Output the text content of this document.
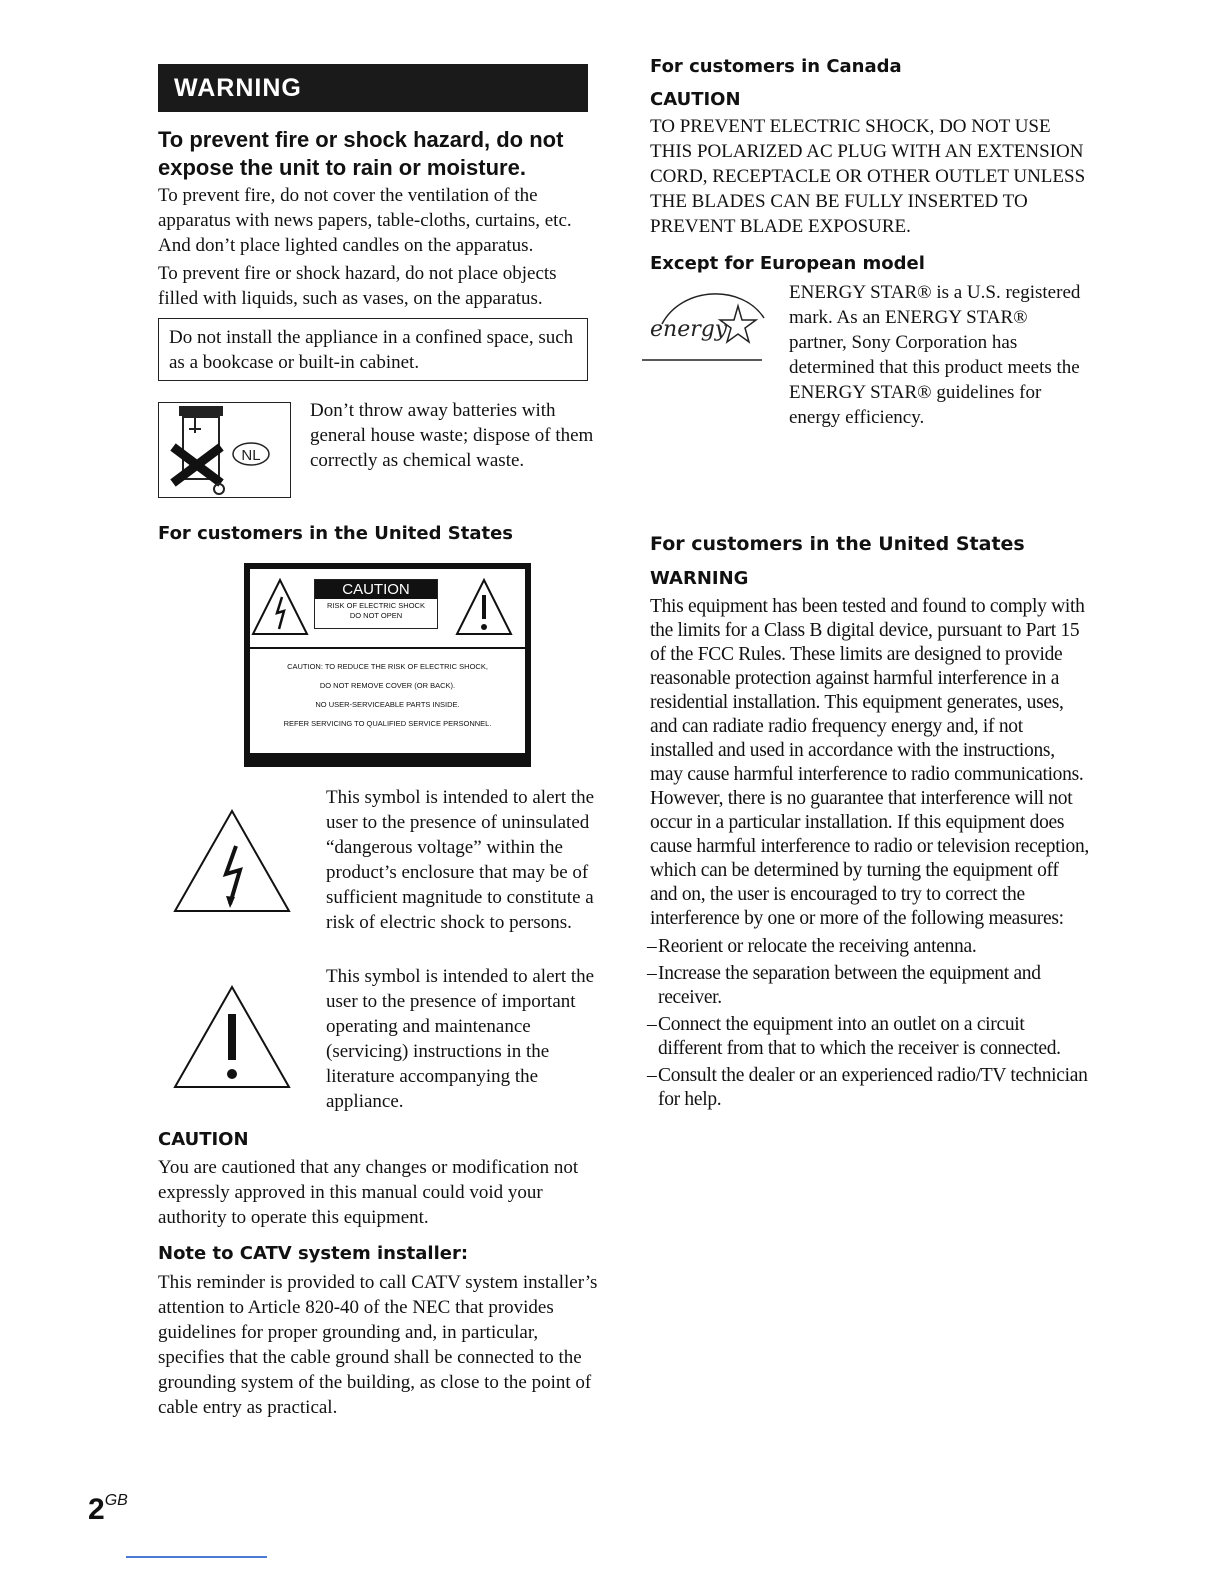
WARNING
To prevent fire or shock hazard, do not expose the unit to rain or moisture.

To prevent fire, do not cover the ventilation of the apparatus with news papers, table-cloths, curtains, etc. And don’t place lighted candles on the apparatus.

To prevent fire or shock hazard, do not place objects filled with liquids, such as vases, on the apparatus.

Do not install the appliance in a confined space, such as a bookcase or built-in cabinet.
NL
Don’t throw away batteries with general house waste; dispose of them correctly as chemical waste.
For customers in the United States
CAUTION
RISK OF ELECTRIC SHOCK
DO NOT OPEN
CAUTION: TO REDUCE THE RISK OF ELECTRIC SHOCK,
DO NOT REMOVE COVER (OR BACK).
NO USER-SERVICEABLE PARTS INSIDE.
REFER SERVICING TO QUALIFIED SERVICE PERSONNEL.
This symbol is intended to alert the user to the presence of uninsulated “dangerous voltage” within the product’s enclosure that may be of sufficient magnitude to constitute a risk of electric shock to persons.
This symbol is intended to alert the user to the presence of important operating and maintenance (servicing) instructions in the literature accompanying the appliance.
CAUTION
You are cautioned that any changes or modification not expressly approved in this manual could void your authority to operate this equipment.
Note to CATV system installer:
This reminder is provided to call CATV system installer’s attention to Article 820-40 of the NEC that provides guidelines for proper grounding and, in particular, specifies that the cable ground shall be connected to the grounding system of the building, as close to the point of cable entry as practical.
For customers in Canada
CAUTION
TO PREVENT ELECTRIC SHOCK, DO NOT USE THIS POLARIZED AC PLUG WITH AN EXTENSION CORD, RECEPTACLE OR OTHER OUTLET UNLESS THE BLADES CAN BE FULLY INSERTED TO PREVENT BLADE EXPOSURE.
Except for European model
energy
ENERGY STAR® is a U.S. registered mark. As an ENERGY STAR® partner, Sony Corporation has determined that this product meets the ENERGY STAR® guidelines for energy efficiency.
For customers in the United States
WARNING

This equipment has been tested and found to comply with the limits for a Class B digital device, pursuant to Part 15 of the FCC Rules. These limits are designed to provide reasonable protection against harmful interference in a residential installation. This equipment generates, uses, and can radiate radio frequency energy and, if not installed and used in accordance with the instructions, may cause harmful interference to radio communications. However, there is no guarantee that interference will not occur in a particular installation. If this equipment does cause harmful interference to radio or television reception, which can be determined by turning the equipment off and on, the user is encouraged to try to correct the interference by one or more of the following measures:

– Reorient or relocate the receiving antenna.
– Increase the separation between the equipment and receiver.
– Connect the equipment into an outlet on a circuit different from that to which the receiver is connected.
– Consult the dealer or an experienced radio/TV technician for help.
$2^{GB}$
